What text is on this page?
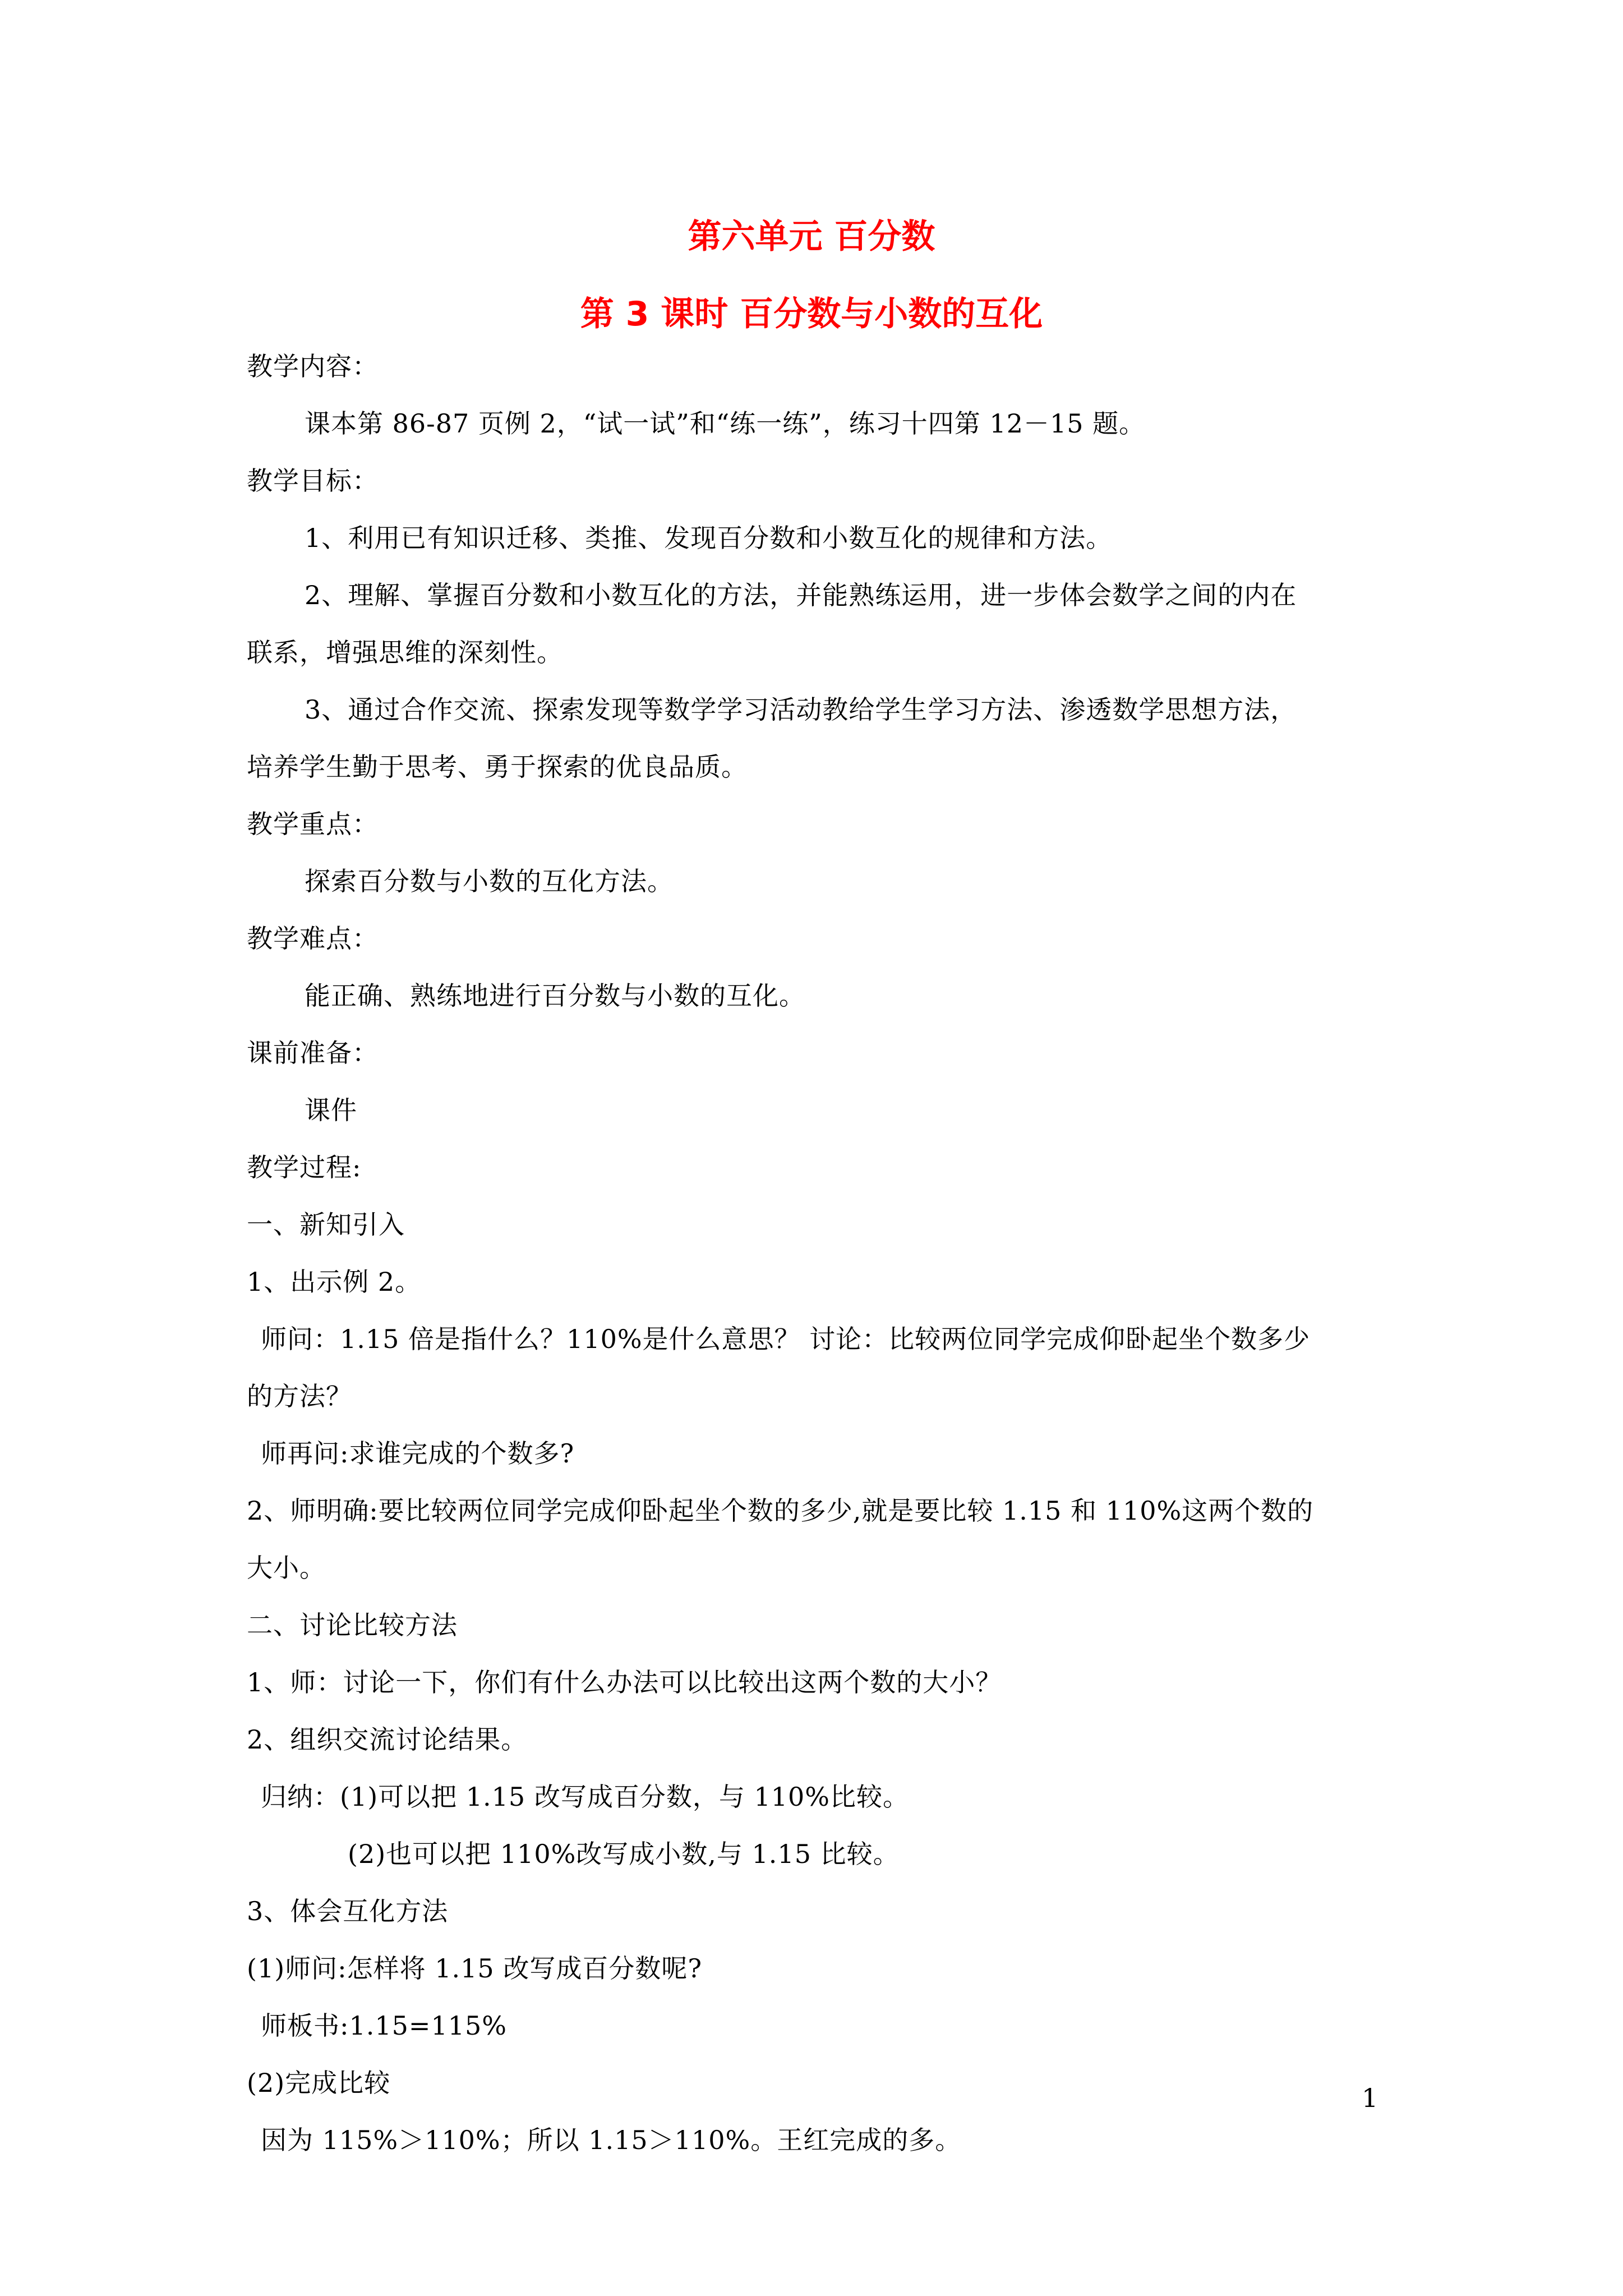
第六单元 百分数
第 3 课时 百分数与小数的互化
教学内容：
课本第 86-87 页例 2，“试一试”和“练一练”，练习十四第 12－15 题。
教学目标：
1、利用已有知识迁移、类推、发现百分数和小数互化的规律和方法。
2、理解、掌握百分数和小数互化的方法，并能熟练运用，进一步体会数学之间的内在
联系，增强思维的深刻性。
3、通过合作交流、探索发现等数学学习活动教给学生学习方法、渗透数学思想方法，
培养学生勤于思考、勇于探索的优良品质。
教学重点：
探索百分数与小数的互化方法。
教学难点：
能正确、熟练地进行百分数与小数的互化。
课前准备：
课件
教学过程:
一、新知引入
1、出示例 2。
师问：1.15 倍是指什么？110%是什么意思？ 讨论：比较两位同学完成仰卧起坐个数多少
的方法？
师再问:求谁完成的个数多?
2、师明确:要比较两位同学完成仰卧起坐个数的多少,就是要比较 1.15 和 110%这两个数的
大小。
二、讨论比较方法
1、师：讨论一下，你们有什么办法可以比较出这两个数的大小？
2、组织交流讨论结果。
归纳：(1)可以把 1.15 改写成百分数，与 110%比较。
(2)也可以把 110%改写成小数,与 1.15 比较。
3、体会互化方法
(1)师问:怎样将 1.15 改写成百分数呢?
师板书:1.15=115%
(2)完成比较
因为 115%＞110%；所以 1.15＞110%。王红完成的多。
1
